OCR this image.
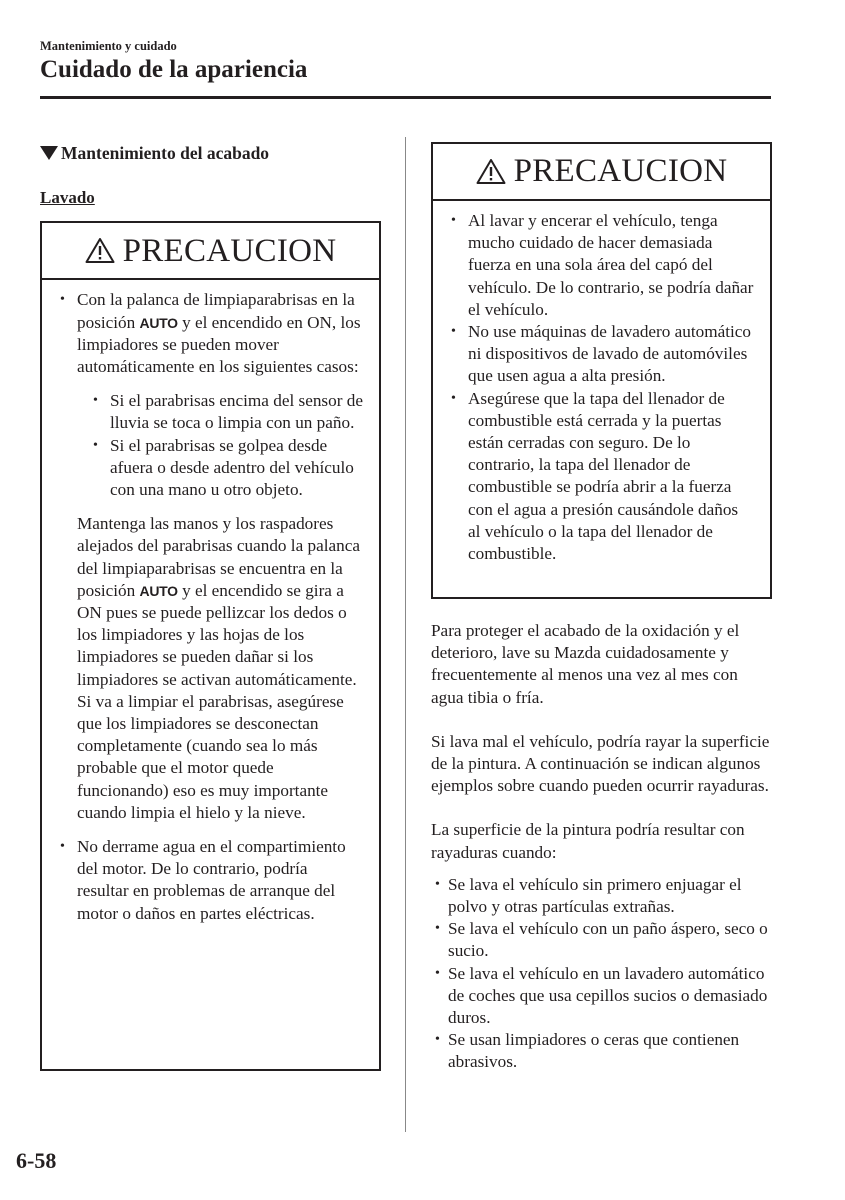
Mantenimiento y cuidado
Cuidado de la apariencia
Mantenimiento del acabado
Lavado
PRECAUCION
• Con la palanca de limpiaparabrisas en la posición AUTO y el encendido en ON, los limpiadores se pueden mover automáticamente en los siguientes casos:
• Si el parabrisas encima del sensor de lluvia se toca o limpia con un paño.
• Si el parabrisas se golpea desde afuera o desde adentro del vehículo con una mano u otro objeto.
Mantenga las manos y los raspadores alejados del parabrisas cuando la palanca del limpiaparabrisas se encuentra en la posición AUTO y el encendido se gira a ON pues se puede pellizcar los dedos o los limpiadores y las hojas de los limpiadores se pueden dañar si los limpiadores se activan automáticamente.
Si va a limpiar el parabrisas, asegúrese que los limpiadores se desconectan completamente (cuando sea lo más probable que el motor quede funcionando) eso es muy importante cuando limpia el hielo y la nieve.
• No derrame agua en el compartimiento del motor. De lo contrario, podría resultar en problemas de arranque del motor o daños en partes eléctricas.
PRECAUCION
• Al lavar y encerar el vehículo, tenga mucho cuidado de hacer demasiada fuerza en una sola área del capó del vehículo. De lo contrario, se podría dañar el vehículo.
• No use máquinas de lavadero automático ni dispositivos de lavado de automóviles que usen agua a alta presión.
• Asegúrese que la tapa del llenador de combustible está cerrada y la puertas están cerradas con seguro. De lo contrario, la tapa del llenador de combustible se podría abrir a la fuerza con el agua a presión causándole daños al vehículo o la tapa del llenador de combustible.

Para proteger el acabado de la oxidación y el deterioro, lave su Mazda cuidadosamente y frecuentemente al menos una vez al mes con agua tibia o fría.

Si lava mal el vehículo, podría rayar la superficie de la pintura. A continuación se indican algunos ejemplos sobre cuando pueden ocurrir rayaduras.

La superficie de la pintura podría resultar con rayaduras cuando:

• Se lava el vehículo sin primero enjuagar el polvo y otras partículas extrañas.
• Se lava el vehículo con un paño áspero, seco o sucio.
• Se lava el vehículo en un lavadero automático de coches que usa cepillos sucios o demasiado duros.
• Se usan limpiadores o ceras que contienen abrasivos.
6-58
